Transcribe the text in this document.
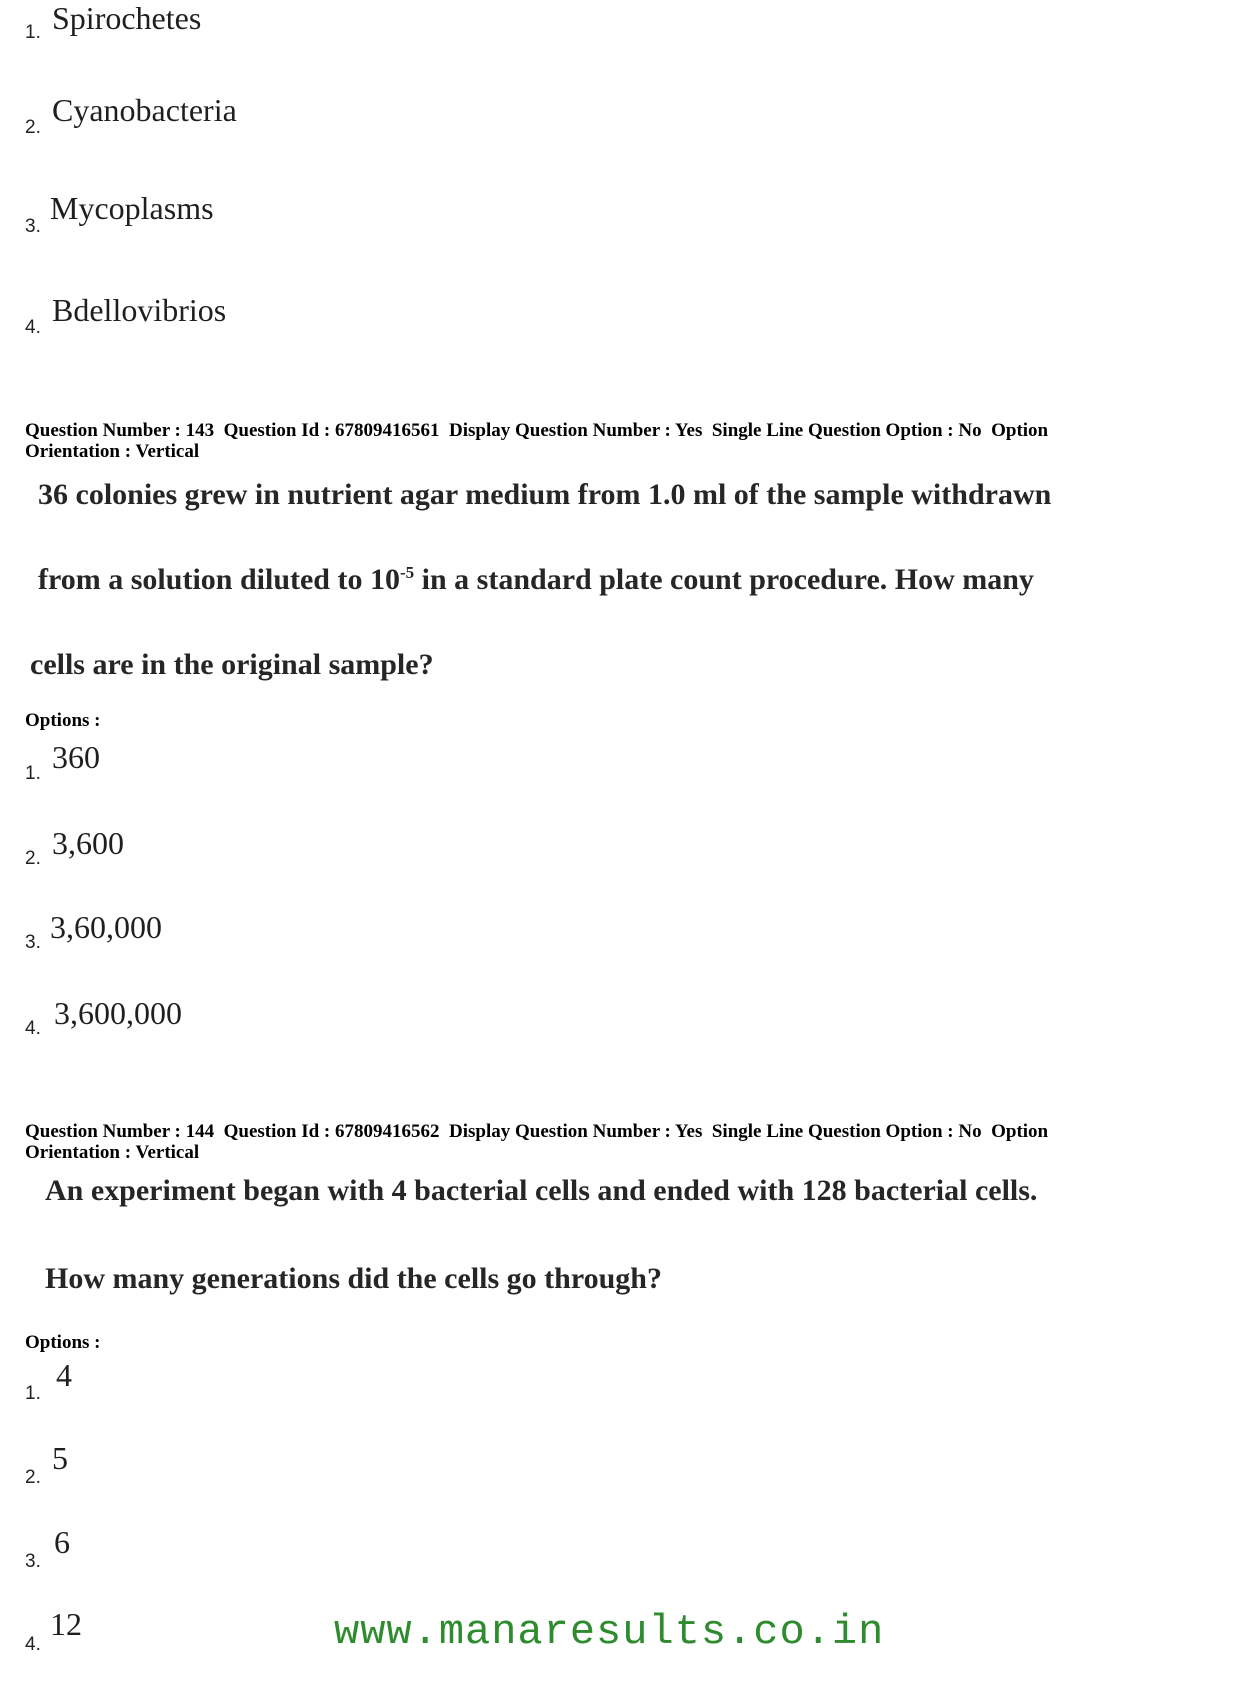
1. Spirochetes
2. Cyanobacteria
3.
Mycoplasms
4. Bdellovibrios
Question Number : 143  Question Id : 67809416561  Display Question Number : Yes  Single Line Question Option : No  Option
Orientation : Vertical
36 colonies grew in nutrient agar medium from 1.0 ml of the sample withdrawn
from a solution diluted to $10^{-5}$ in a standard plate count procedure. How many
cells are in the original sample?
Options :
1. 360
2. 3,600
3. 3,60,000
4. 3,600,000
Question Number : 144  Question Id : 67809416562  Display Question Number : Yes  Single Line Question Option : No  Option
Orientation : Vertical
An experiment began with 4 bacterial cells and ended with 128 bacterial cells.
How many generations did the cells go through?
Options :
1.
4
2.
5
3.
6
4.
12	www.manaresults.co.in
